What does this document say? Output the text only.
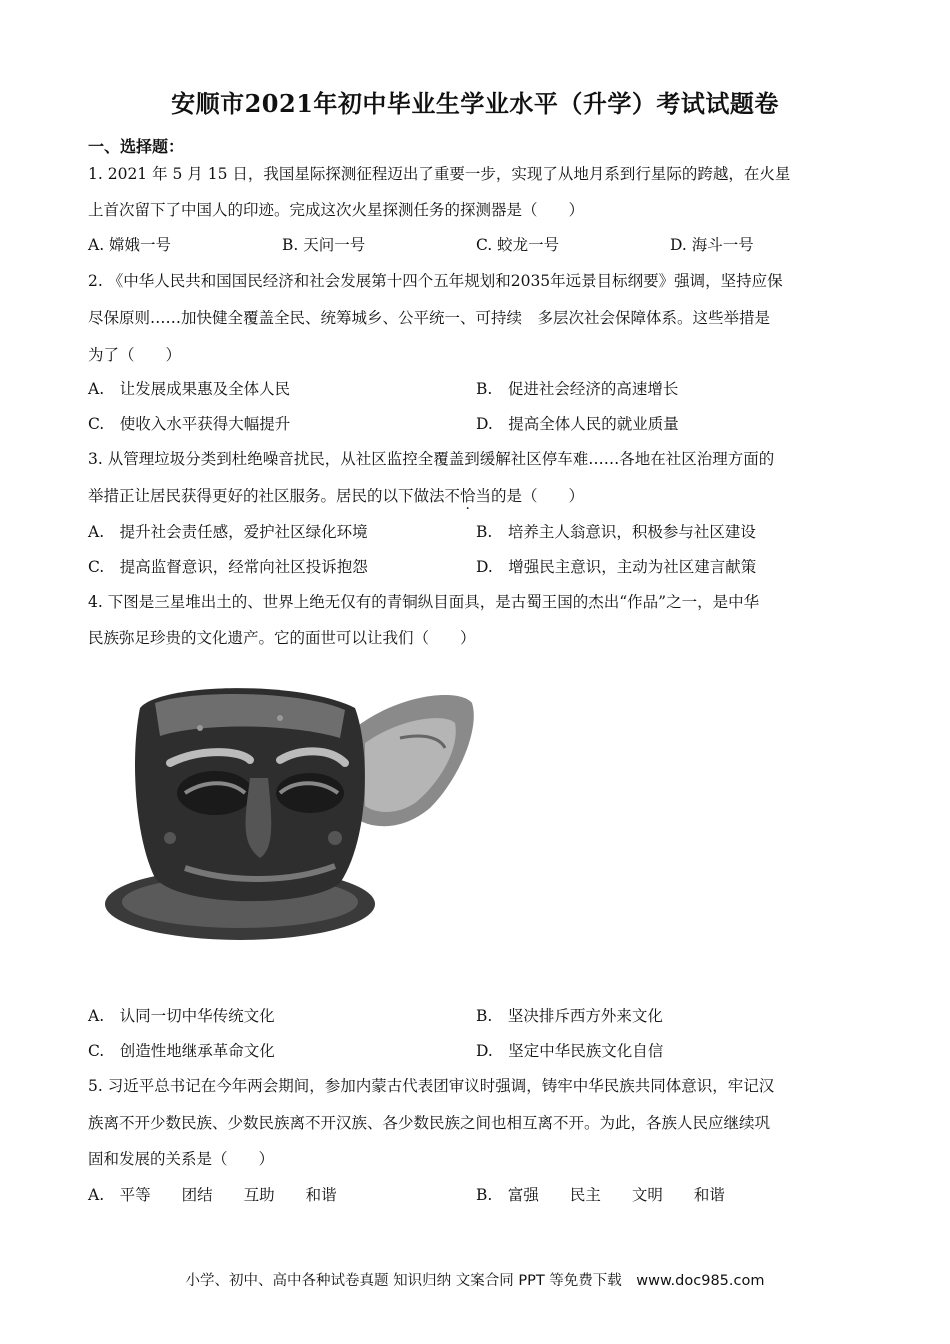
安顺市2021年初中毕业生学业水平（升学）考试试题卷
一、选择题：
1. 2021 年 5 月 15 日，我国星际探测征程迈出了重要一步，实现了从地月系到行星际的跨越，在火星
上首次留下了中国人的印迹。完成这次火星探测任务的探测器是（　　）
A. 嫦娥一号	B. 天问一号	C. 蛟龙一号	D. 海斗一号
2. 《中华人民共和国国民经济和社会发展第十四个五年规划和2035年远景目标纲要》强调，坚持应保
尽保原则……加快健全覆盖全民、统筹城乡、公平统一、可持续　多层次社会保障体系。这些举措是
为了（　　）
A.　让发展成果惠及全体人民	B.　促进社会经济的高速增长
C.　使收入水平获得大幅提升	D.　提高全体人民的就业质量
3. 从管理垃圾分类到杜绝噪音扰民，从社区监控全覆盖到缓解社区停车难……各地在社区治理方面的
举措正让居民获得更好的社区服务。居民的以下做法不恰当的是（　　）
A.　提升社会责任感，爱护社区绿化环境	B.　培养主人翁意识，积极参与社区建设
C.　提高监督意识，经常向社区投诉抱怨	D.　增强民主意识，主动为社区建言献策
4. 下图是三星堆出土的、世界上绝无仅有的青铜纵目面具，是古蜀王国的杰出“作品”之一，是中华
民族弥足珍贵的文化遗产。它的面世可以让我们（　　）
A.　认同一切中华传统文化	B.　坚决排斥西方外来文化
C.　创造性地继承革命文化	D.　坚定中华民族文化自信
5. 习近平总书记在今年两会期间，参加内蒙古代表团审议时强调，铸牢中华民族共同体意识，牢记汉
族离不开少数民族、少数民族离不开汉族、各少数民族之间也相互离不开。为此，各族人民应继续巩
固和发展的关系是（　　）
A.　平等　　团结　　互助　　和谐	B.　富强　　民主　　文明　　和谐
小学、初中、高中各种试卷真题 知识归纳 文案合同 PPT 等免费下载　www.doc985.com
